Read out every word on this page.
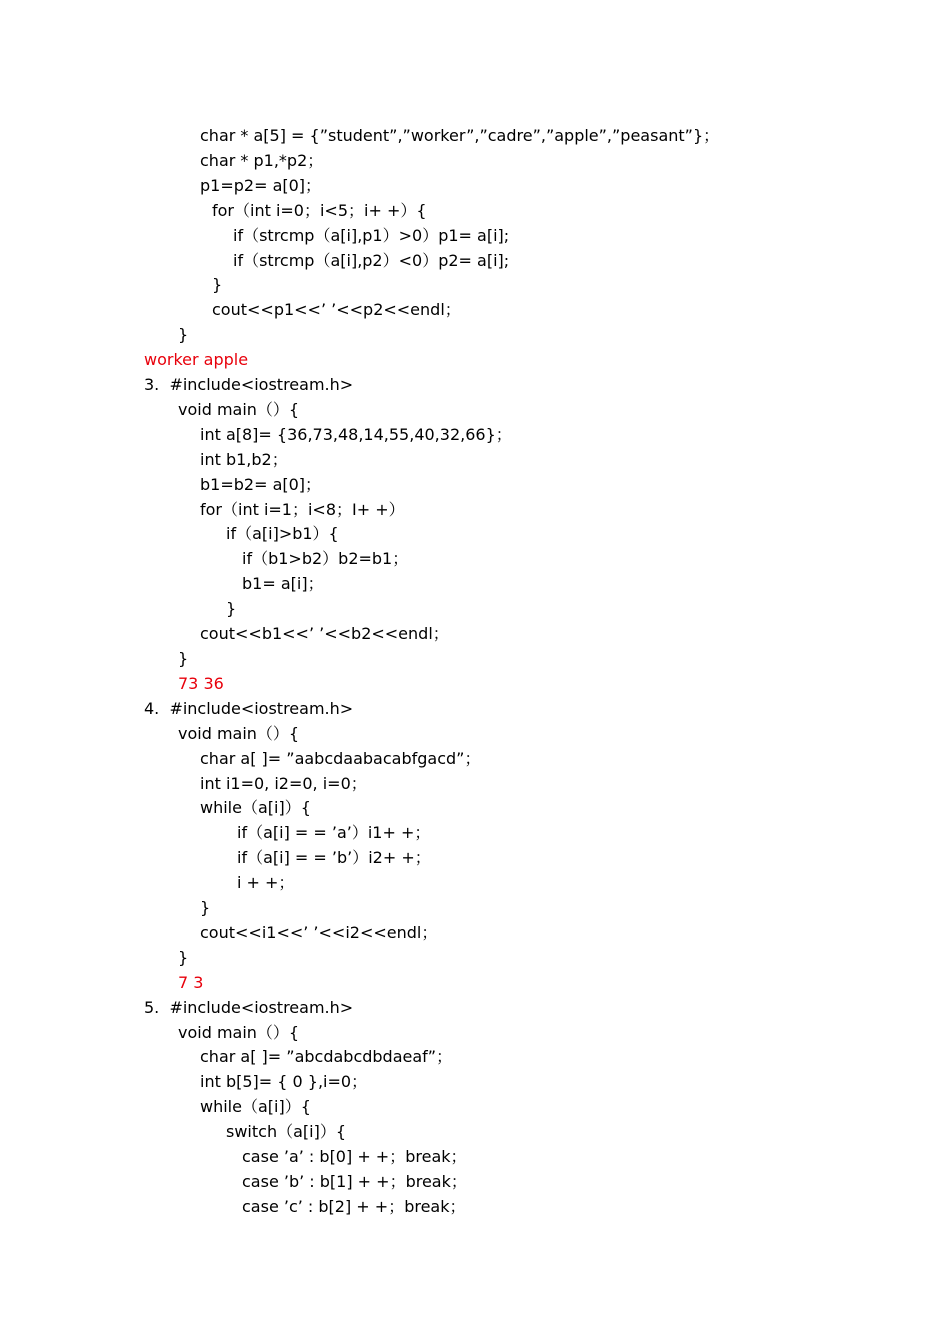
char * a[5] = {”student”,”worker”,”cadre”,”apple”,”peasant”}；
char * p1,*p2；
p1=p2= a[0]；
for（int i=0；i<5；i+ +）{
if（strcmp（a[i],p1）>0）p1= a[i];
if（strcmp（a[i],p2）<0）p2= a[i];
}
cout<<p1<<’ ’<<p2<<endl；
}
worker apple
3.  #include<iostream.h>
void main（）{
int a[8]= {36,73,48,14,55,40,32,66}；
int b1,b2；
b1=b2= a[0]；
for（int i=1；i<8；I+ +）
if（a[i]>b1）{
if（b1>b2）b2=b1；
b1= a[i]；
}
cout<<b1<<’ ’<<b2<<endl；
}
73 36
4.  #include<iostream.h>
void main（）{
char a[ ]= ”aabcdaabacabfgacd”；
int i1=0, i2=0, i=0；
while（a[i]）{
if（a[i] = = ’a’）i1+ +；
if（a[i] = = ’b’）i2+ +；
i + +；
}
cout<<i1<<’ ’<<i2<<endl；
}
7 3
5.  #include<iostream.h>
void main（）{
char a[ ]= ”abcdabcdbdaeaf”；
int b[5]= { 0 },i=0；
while（a[i]）{
switch（a[i]）{
case ’a’ : b[0] + +；break；
case ’b’ : b[1] + +；break；
case ’c’ : b[2] + +；break；
